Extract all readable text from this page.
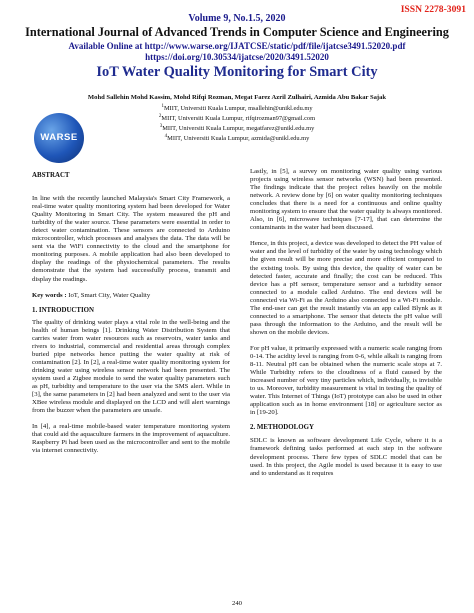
ISSN 2278-3091
Volume 9, No.1.5, 2020
International Journal of Advanced Trends in Computer Science and Engineering
Available Online at http://www.warse.org/IJATCSE/static/pdf/file/ijatcse3491.52020.pdf
https://doi.org/10.30534/ijatcse/2020/3491.52020
IoT Water Quality Monitoring for Smart City
Mohd Sallehin Mohd Kassim, Mohd Rifqi Rozman, Megat Farez Azril Zulhairi, Azmida Abu Bakar Sajak
$^1$MIIT, Universiti Kuala Lumpur, msallehin@unikl.edu.my
$^2$MIIT, Universiti Kuala Lumpur, rifqirozman97@gmail.com
$^3$MIIT, Universiti Kuala Lumpur, megatfarez@unikl.edu.my
$^4$MIIT, Universiti Kuala Lumpur, azmida@unikl.edu.my
WARSE
ABSTRACT

In line with the recently launched Malaysia's Smart City Framework, a real-time water quality monitoring system had been developed for Water Quality Monitoring in Smart City. The system measured the pH and turbidity of the water source. These parameters were essential in order to detect water contamination. These sensors are connected to Arduino microcontroller, which processes and analyses the data. The data will be sent via the WiFi connectivity to the cloud and the smartphone for monitoring purposes. A mobile application had also been developed to display the readings of the physiochemical parameters. The results demonstrate that the system had successfully process, transmit and display the readings.

Key words : IoT, Smart City, Water Quality

1. INTRODUCTION

The quality of drinking water plays a vital role in the well-being and the health of human beings [1]. Drinking Water Distribution System that carries water from water resources such as reservoirs, water tanks and rivers to industrial, commercial and residential areas through complex buried pipe networks hence putting the water quality at risk of contamination [2]. In [2], a real-time water quality monitoring system for drinking water using wireless sensor network had been presented. The system used a Zigbee module to send the water quality parameters such as pH, turbidity and temperature to the user via the SMS alert. While in [3], the same parameters in [2] had been analyzed and sent to the user via XBee wireless module and displayed on the LCD and will alert warnings from the buzzer when the parameters are unsafe.

In [4], a real-time mobile-based water temperature monitoring system that could aid the aquaculture farmers in the improvement of aquaculture. Raspberry Pi had been used as the microcontroller and sent to the mobile via internet connectivity.

Lastly, in [5], a survey on monitoring water quality using various projects using wireless sensor networks (WSN) had been presented. The findings indicate that the project relies heavily on the mobile network. A review done by [6] on water quality monitoring techniques concludes that there is a need for a continuous and online quality monitoring system to ensure that the water quality is always monitored. Also, in [6], microwave techniques [7-17], that can determine the contaminants in the water had been discussed.

Hence, in this project, a device was developed to detect the PH value of water and the level of turbidity of the water by using technology which the given result will be more precise and more efficient compared to the existing tools. By using this device, the quality of water can be detected faster, accurate and finally; the cost can be reduced. This device has a pH sensor, temperature sensor and a turbidity sensor connected to a module called Arduino. The end devices will be connected via Wi-Fi as the Arduino also connected to a Wi-Fi module. The end-user can get the result instantly via an app called Blynk as it connected to a smartphone. The sensor that detects the pH value will pass through the information to the Arduino, and the result will be shown on the mobile devices.

For pH value, it primarily expressed with a numeric scale ranging from 0-14. The acidity level is ranging from 0-6, while alkali is ranging from 8-11. Neutral pH can be obtained when the numeric scale stops at 7. While Turbidity refers to the cloudiness of a fluid caused by the increased number of very tiny particles which, individually, is invisible to us. Moreover, turbidity measurement is vital in testing the quality of water. This Internet of Things (IoT) prototype can also be used in other application such as in home environment [18] or agriculture sector as in [19-20].

2. METHODOLOGY

SDLC is known as software development Life Cycle, where it is a framework defining tasks performed at each step in the software development process. There few types of SDLC model that can be used. In this project, the Agile model is used because it is easy to use and to understand as it requires

240
